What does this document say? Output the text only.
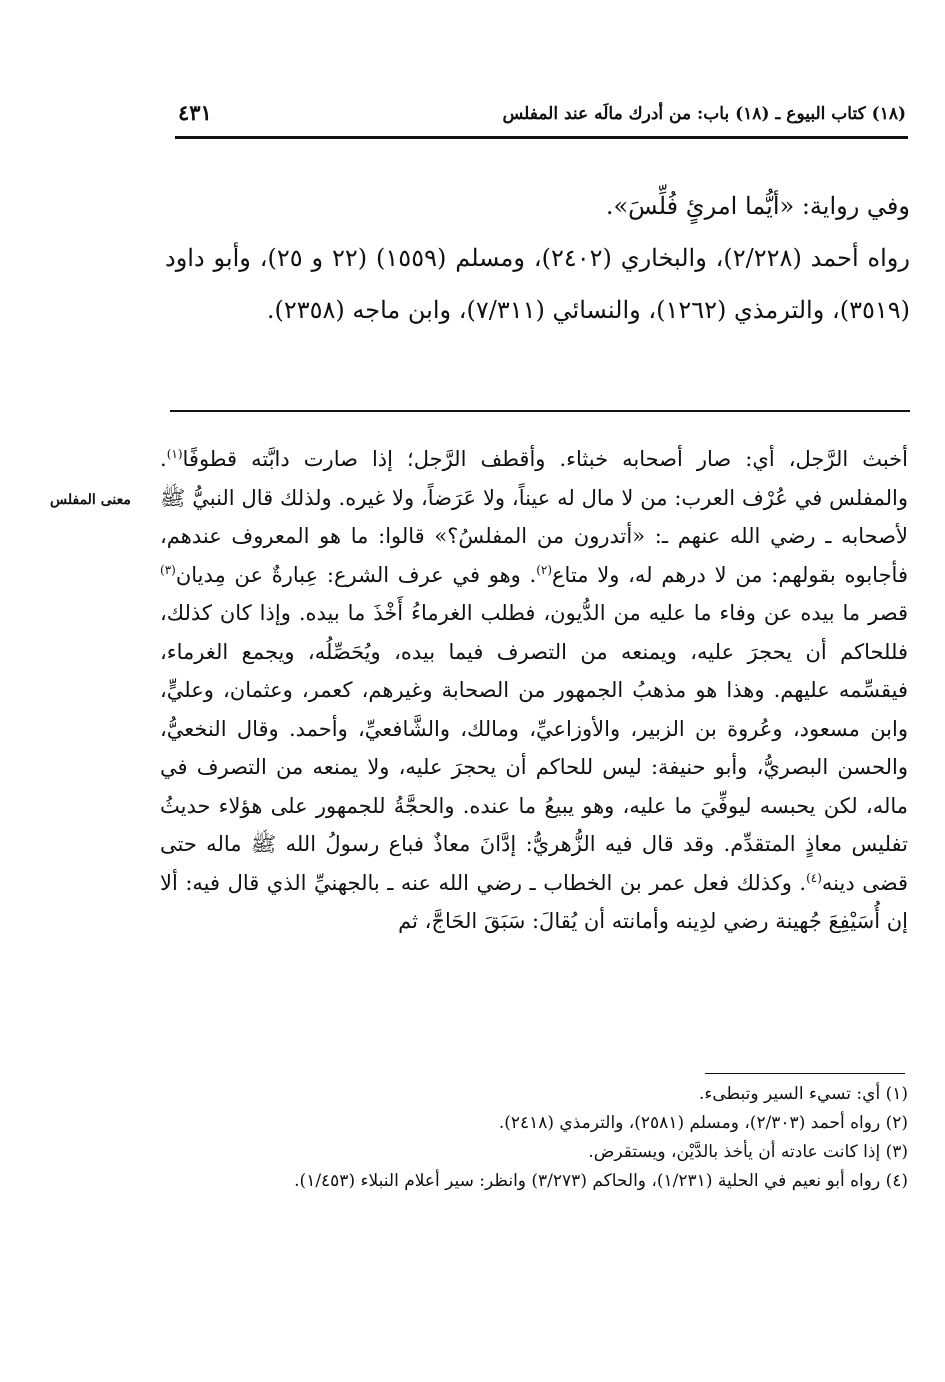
(١٨) كتاب البيوع ـ (١٨) باب: من أدرك مالَه عند المفلس
٤٣١
وفي رواية: «أيُّما امرئٍ فُلِّسَ».
رواه أحمد (٢/٢٢٨)، والبخاري (٢٤٠٢)، ومسلم (١٥٥٩) (٢٢ و ٢٥)، وأبو داود (٣٥١٩)، والترمذي (١٢٦٢)، والنسائي (٧/٣١١)، وابن ماجه (٢٣٥٨).
معنى المفلس
أخبث الرَّجل، أي: صار أصحابه خبثاء. وأقطف الرَّجل؛ إذا صارت دابَّته قطوفًا$^{(١)}$. والمفلس في عُرْف العرب: من لا مال له عيناً، ولا عَرَضاً، ولا غيره. ولذلك قال النبيُّ ﷺ لأصحابه ـ رضي الله عنهم ـ: «أتدرون من المفلسُ؟» قالوا: ما هو المعروف عندهم، فأجابوه بقولهم: من لا درهم له، ولا متاع$^{(٢)}$. وهو في عرف الشرع: عِبارةٌ عن مِديان$^{(٣)}$ قصر ما بيده عن وفاء ما عليه من الدُّيون، فطلب الغرماءُ أَخْذَ ما بيده. وإذا كان كذلك، فللحاكم أن يحجرَ عليه، ويمنعه من التصرف فيما بيده، ويُحَصِّلُه، ويجمع الغرماء، فيقسِّمه عليهم. وهذا هو مذهبُ الجمهور من الصحابة وغيرهم، كعمر، وعثمان، وعليٍّ، وابن مسعود، وعُروة بن الزبير، والأوزاعيِّ، ومالك، والشَّافعيِّ، وأحمد. وقال النخعيُّ، والحسن البصريُّ، وأبو حنيفة: ليس للحاكم أن يحجرَ عليه، ولا يمنعه من التصرف في ماله، لكن يحبسه ليوفِّيَ ما عليه، وهو يبيعُ ما عنده. والحجَّةُ للجمهور على هؤلاء حديثُ تفليس معاذٍ المتقدِّم. وقد قال فيه الزُّهريُّ: إدَّانَ معاذٌ فباع رسولُ الله ﷺ ماله حتى قضى دينه$^{(٤)}$. وكذلك فعل عمر بن الخطاب ـ رضي الله عنه ـ بالجهنيِّ الذي قال فيه: ألا إن أُسَيْفِعَ جُهينة رضي لدِينه وأمانته أن يُقالَ: سَبَقَ الحَاجَّ، ثم
(١) أي: تسيء السير وتبطىء.
(٢) رواه أحمد (٢/٣٠٣)، ومسلم (٢٥٨١)، والترمذي (٢٤١٨).
(٣) إذا كانت عادته أن يأخذ بالدَّيْن، ويستقرض.
(٤) رواه أبو نعيم في الحلية (١/٢٣١)، والحاكم (٣/٢٧٣) وانظر: سير أعلام النبلاء (١/٤٥٣).
